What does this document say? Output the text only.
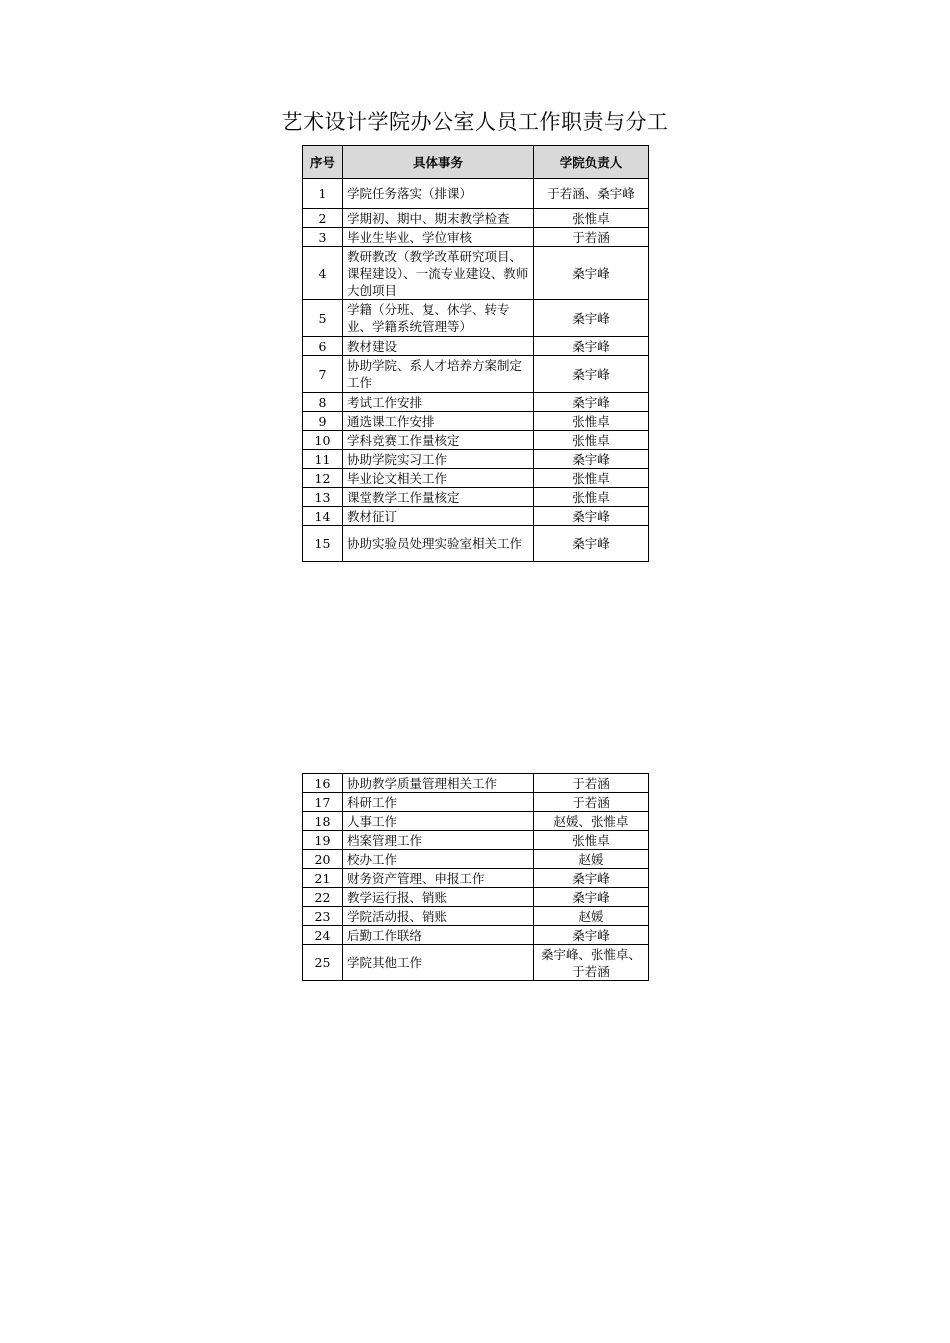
艺术设计学院办公室人员工作职责与分工
序号	具体事务	学院负责人
1	学院任务落实（排课）	于若涵、桑宇峰
2	学期初、期中、期末教学检查	张惟卓
3	毕业生毕业、学位审核	于若涵
4	教研教改（教学改革研究项目、课程建设）、一流专业建设、教师大创项目	桑宇峰
5	学籍（分班、复、休学、转专业、学籍系统管理等）	桑宇峰
6	教材建设	桑宇峰
7	协助学院、系人才培养方案制定工作	桑宇峰
8	考试工作安排	桑宇峰
9	通选课工作安排	张惟卓
10	学科竞赛工作量核定	张惟卓
11	协助学院实习工作	桑宇峰
12	毕业论文相关工作	张惟卓
13	课堂教学工作量核定	张惟卓
14	教材征订	桑宇峰
15	协助实验员处理实验室相关工作	桑宇峰
16	协助教学质量管理相关工作	于若涵
17	科研工作	于若涵
18	人事工作	赵媛、张惟卓
19	档案管理工作	张惟卓
20	校办工作	赵媛
21	财务资产管理、申报工作	桑宇峰
22	教学运行报、销账	桑宇峰
23	学院活动报、销账	赵媛
24	后勤工作联络	桑宇峰
25	学院其他工作	桑宇峰、张惟卓、于若涵
